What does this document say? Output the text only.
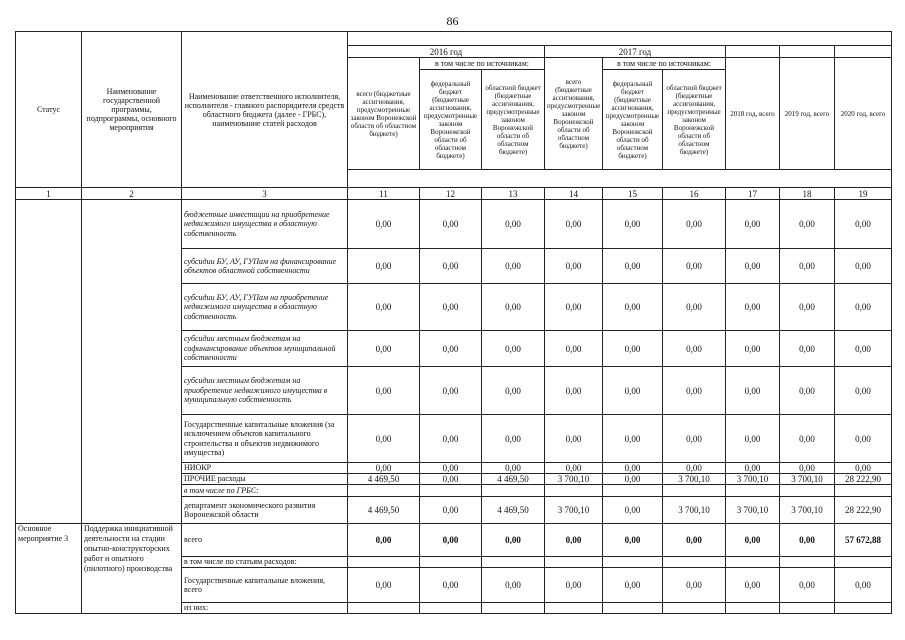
86
Статус	Наименование государственной программы, подпрограммы, основного мероприятия	Наименование ответственного исполнителя, исполнителя - главного распорядителя средств областного бюджета (далее - ГРБС), наименование статей расходов									
			2016 год			2017 год					
			всего (бюджетные ассигнования, предусмотренные законом Воронежской области об областном бюджете)	в том числе по источникам:		всего (бюджетные ассигнования, предусмотренные законом Воронежской области об областном бюджете)	в том числе по источникам:		2018 год, всего	2019 год, всего	2020 год, всего
				федеральный бюджет (бюджетные ассигнования, предусмотренные законом Воронежской области об областном бюджете)	областной бюджет (бюджетные ассигнования, предусмотренные законом Воронежской области об областном бюджете)		федеральный бюджет (бюджетные ассигнования, предусмотренные законом Воронежской области об областном бюджете)	областной бюджет (бюджетные ассигнования, предусмотренные законом Воронежской области об областном бюджете)			

1	2	3	11	12	13	14	15	16	17	18	19
		бюджетные инвестиции на приобретение недвижимого имущества в областную собственность	0,00	0,00	0,00	0,00	0,00	0,00	0,00	0,00	0,00
		субсидии БУ, АУ, ГУПам на финансирование объектов областной собственности	0,00	0,00	0,00	0,00	0,00	0,00	0,00	0,00	0,00
		субсидии БУ, АУ, ГУПам на приобретение недвижимого имущества в областную собственность	0,00	0,00	0,00	0,00	0,00	0,00	0,00	0,00	0,00
		субсидии местным бюджетам на софинансирование объектов муниципальной собственности	0,00	0,00	0,00	0,00	0,00	0,00	0,00	0,00	0,00
		субсидии местным бюджетам на приобретение недвижимого имущества в муниципальную собственность	0,00	0,00	0,00	0,00	0,00	0,00	0,00	0,00	0,00
		Государственные капитальные вложения (за исключением объектов капитального строительства и объектов недвижимого имущества)	0,00	0,00	0,00	0,00	0,00	0,00	0,00	0,00	0,00
		НИОКР	0,00	0,00	0,00	0,00	0,00	0,00	0,00	0,00	0,00
		ПРОЧИЕ расходы	4 469,50	0,00	4 469,50	3 700,10	0,00	3 700,10	3 700,10	3 700,10	28 222,90
		в том числе по ГРБС:									
		департамент экономического развития Воронежской области	4 469,50	0,00	4 469,50	3 700,10	0,00	3 700,10	3 700,10	3 700,10	28 222,90
Основное мероприятие 3	Поддержка инициативной деятельности на стадии опытно-конструкторских работ и опытного (пилотного) производства	всего	0,00	0,00	0,00	0,00	0,00	0,00	0,00	0,00	57 672,88
		в том числе по статьям расходов:									
		Государственные капитальные вложения, всего	0,00	0,00	0,00	0,00	0,00	0,00	0,00	0,00	0,00
		из них:									
